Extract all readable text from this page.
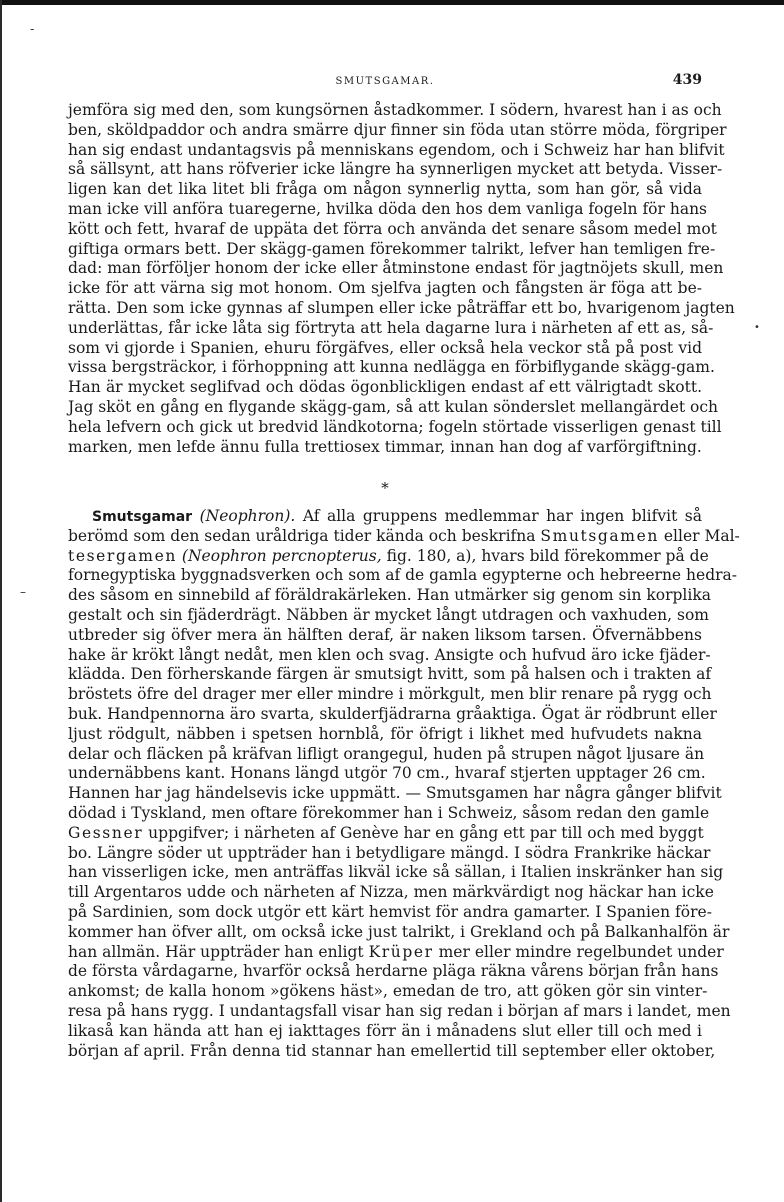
-
•
–
SMUTSGAMAR.	439
jemföra sig med den, som kungsörnen åstadkommer. I södern, hvarest han i as och
ben, sköldpaddor och andra smärre djur finner sin föda utan större möda, förgriper
han sig endast undantagsvis på menniskans egendom, och i Schweiz har han blifvit
så sällsynt, att hans röfverier icke längre ha synnerligen mycket att betyda. Visser-
ligen kan det lika litet bli fråga om någon synnerlig nytta, som han gör, så vida
man icke vill anföra tuaregerne, hvilka döda den hos dem vanliga fogeln för hans
kött och fett, hvaraf de uppäta det förra och använda det senare såsom medel mot
giftiga ormars bett. Der skägg-gamen förekommer talrikt, lefver han temligen fre-
dad: man förföljer honom der icke eller åtminstone endast för jagtnöjets skull, men
icke för att värna sig mot honom. Om sjelfva jagten och fångsten är föga att be-
rätta. Den som icke gynnas af slumpen eller icke påträffar ett bo, hvarigenom jagten
underlättas, får icke låta sig förtryta att hela dagarne lura i närheten af ett as, så-
som vi gjorde i Spanien, ehuru förgäfves, eller också hela veckor stå på post vid
vissa bergsträckor, i förhoppning att kunna nedlägga en förbiflygande skägg-gam.
Han är mycket seglifvad och dödas ögonblickligen endast af ett välrigtadt skott.
Jag sköt en gång en flygande skägg-gam, så att kulan sönderslet mellangärdet och
hela lefvern och gick ut bredvid ländkotorna; fogeln störtade visserligen genast till
marken, men lefde ännu fulla trettiosex timmar, innan han dog af varförgiftning.
*
Smutsgamar (Neophron). Af alla gruppens medlemmar har ingen blifvit så
berömd som den sedan uråldriga tider kända och beskrifna Smutsgamen eller Mal-
tesergamen (Neophron percnopterus, fig. 180, a), hvars bild förekommer på de
fornegyptiska byggnadsverken och som af de gamla egypterne och hebreerne hedra-
des såsom en sinnebild af föräldrakärleken. Han utmärker sig genom sin korplika
gestalt och sin fjäderdrägt. Näbben är mycket långt utdragen och vaxhuden, som
utbreder sig öfver mera än hälften deraf, är naken liksom tarsen. Öfvernäbbens
hake är krökt långt nedåt, men klen och svag. Ansigte och hufvud äro icke fjäder-
klädda. Den förherskande färgen är smutsigt hvitt, som på halsen och i trakten af
bröstets öfre del drager mer eller mindre i mörkgult, men blir renare på rygg och
buk. Handpennorna äro svarta, skulderfjädrarna gråaktiga. Ögat är rödbrunt eller
ljust rödgult, näbben i spetsen hornblå, för öfrigt i likhet med hufvudets nakna
delar och fläcken på kräfvan lifligt orangegul, huden på strupen något ljusare än
undernäbbens kant. Honans längd utgör 70 cm., hvaraf stjerten upptager 26 cm.
Hannen har jag händelsevis icke uppmätt. — Smutsgamen har några gånger blifvit
dödad i Tyskland, men oftare förekommer han i Schweiz, såsom redan den gamle
Gessner uppgifver; i närheten af Genève har en gång ett par till och med byggt
bo. Längre söder ut uppträder han i betydligare mängd. I södra Frankrike häckar
han visserligen icke, men anträffas likväl icke så sällan, i Italien inskränker han sig
till Argentaros udde och närheten af Nizza, men märkvärdigt nog häckar han icke
på Sardinien, som dock utgör ett kärt hemvist för andra gamarter. I Spanien före-
kommer han öfver allt, om också icke just talrikt, i Grekland och på Balkanhalfön är
han allmän. Här uppträder han enligt Krüper mer eller mindre regelbundet under
de första vårdagarne, hvarför också herdarne pläga räkna vårens början från hans
ankomst; de kalla honom »gökens häst», emedan de tro, att göken gör sin vinter-
resa på hans rygg. I undantagsfall visar han sig redan i början af mars i landet, men
likaså kan hända att han ej iakttages förr än i månadens slut eller till och med i
början af april. Från denna tid stannar han emellertid till september eller oktober,
